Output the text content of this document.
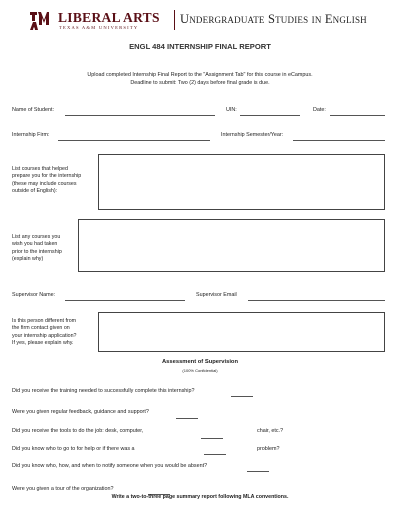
LIBERAL ARTS
TEXAS A&M UNIVERSITY
Undergraduate Studies in English
ENGL 484 INTERNSHIP FINAL REPORT
Upload completed Internship Final Report to the "Assignment Tab" for this course in eCampus.
Deadline to submit: Two (2) days before final grade is due.
Name of Student:	UIN:	Date:
Internship Firm:	Internship Semester/Year:
List courses that helped
prepare you for the internship
(these may include courses
outside of English):
List any courses you
wish you had taken
prior to the internship
(explain why)
Supervisor Name:	Supervisor Email
Is this person different from
the firm contact given on
your internship application?
If yes, please explain why.
Assessment of Supervision
(100% Confidential)
Did you receive the training needed to successfully complete this internship?
Were you given regular feedback, guidance and support?
Did you receive the tools to do the job: desk, computer,	chair, etc.?
Did you know who to go to for help or if there was a	problem?
Did you know who, how, and when to notify someone when you would be absent?
Were you given a tour of the organization?
Write a two-to-three page summary report following MLA conventions.
